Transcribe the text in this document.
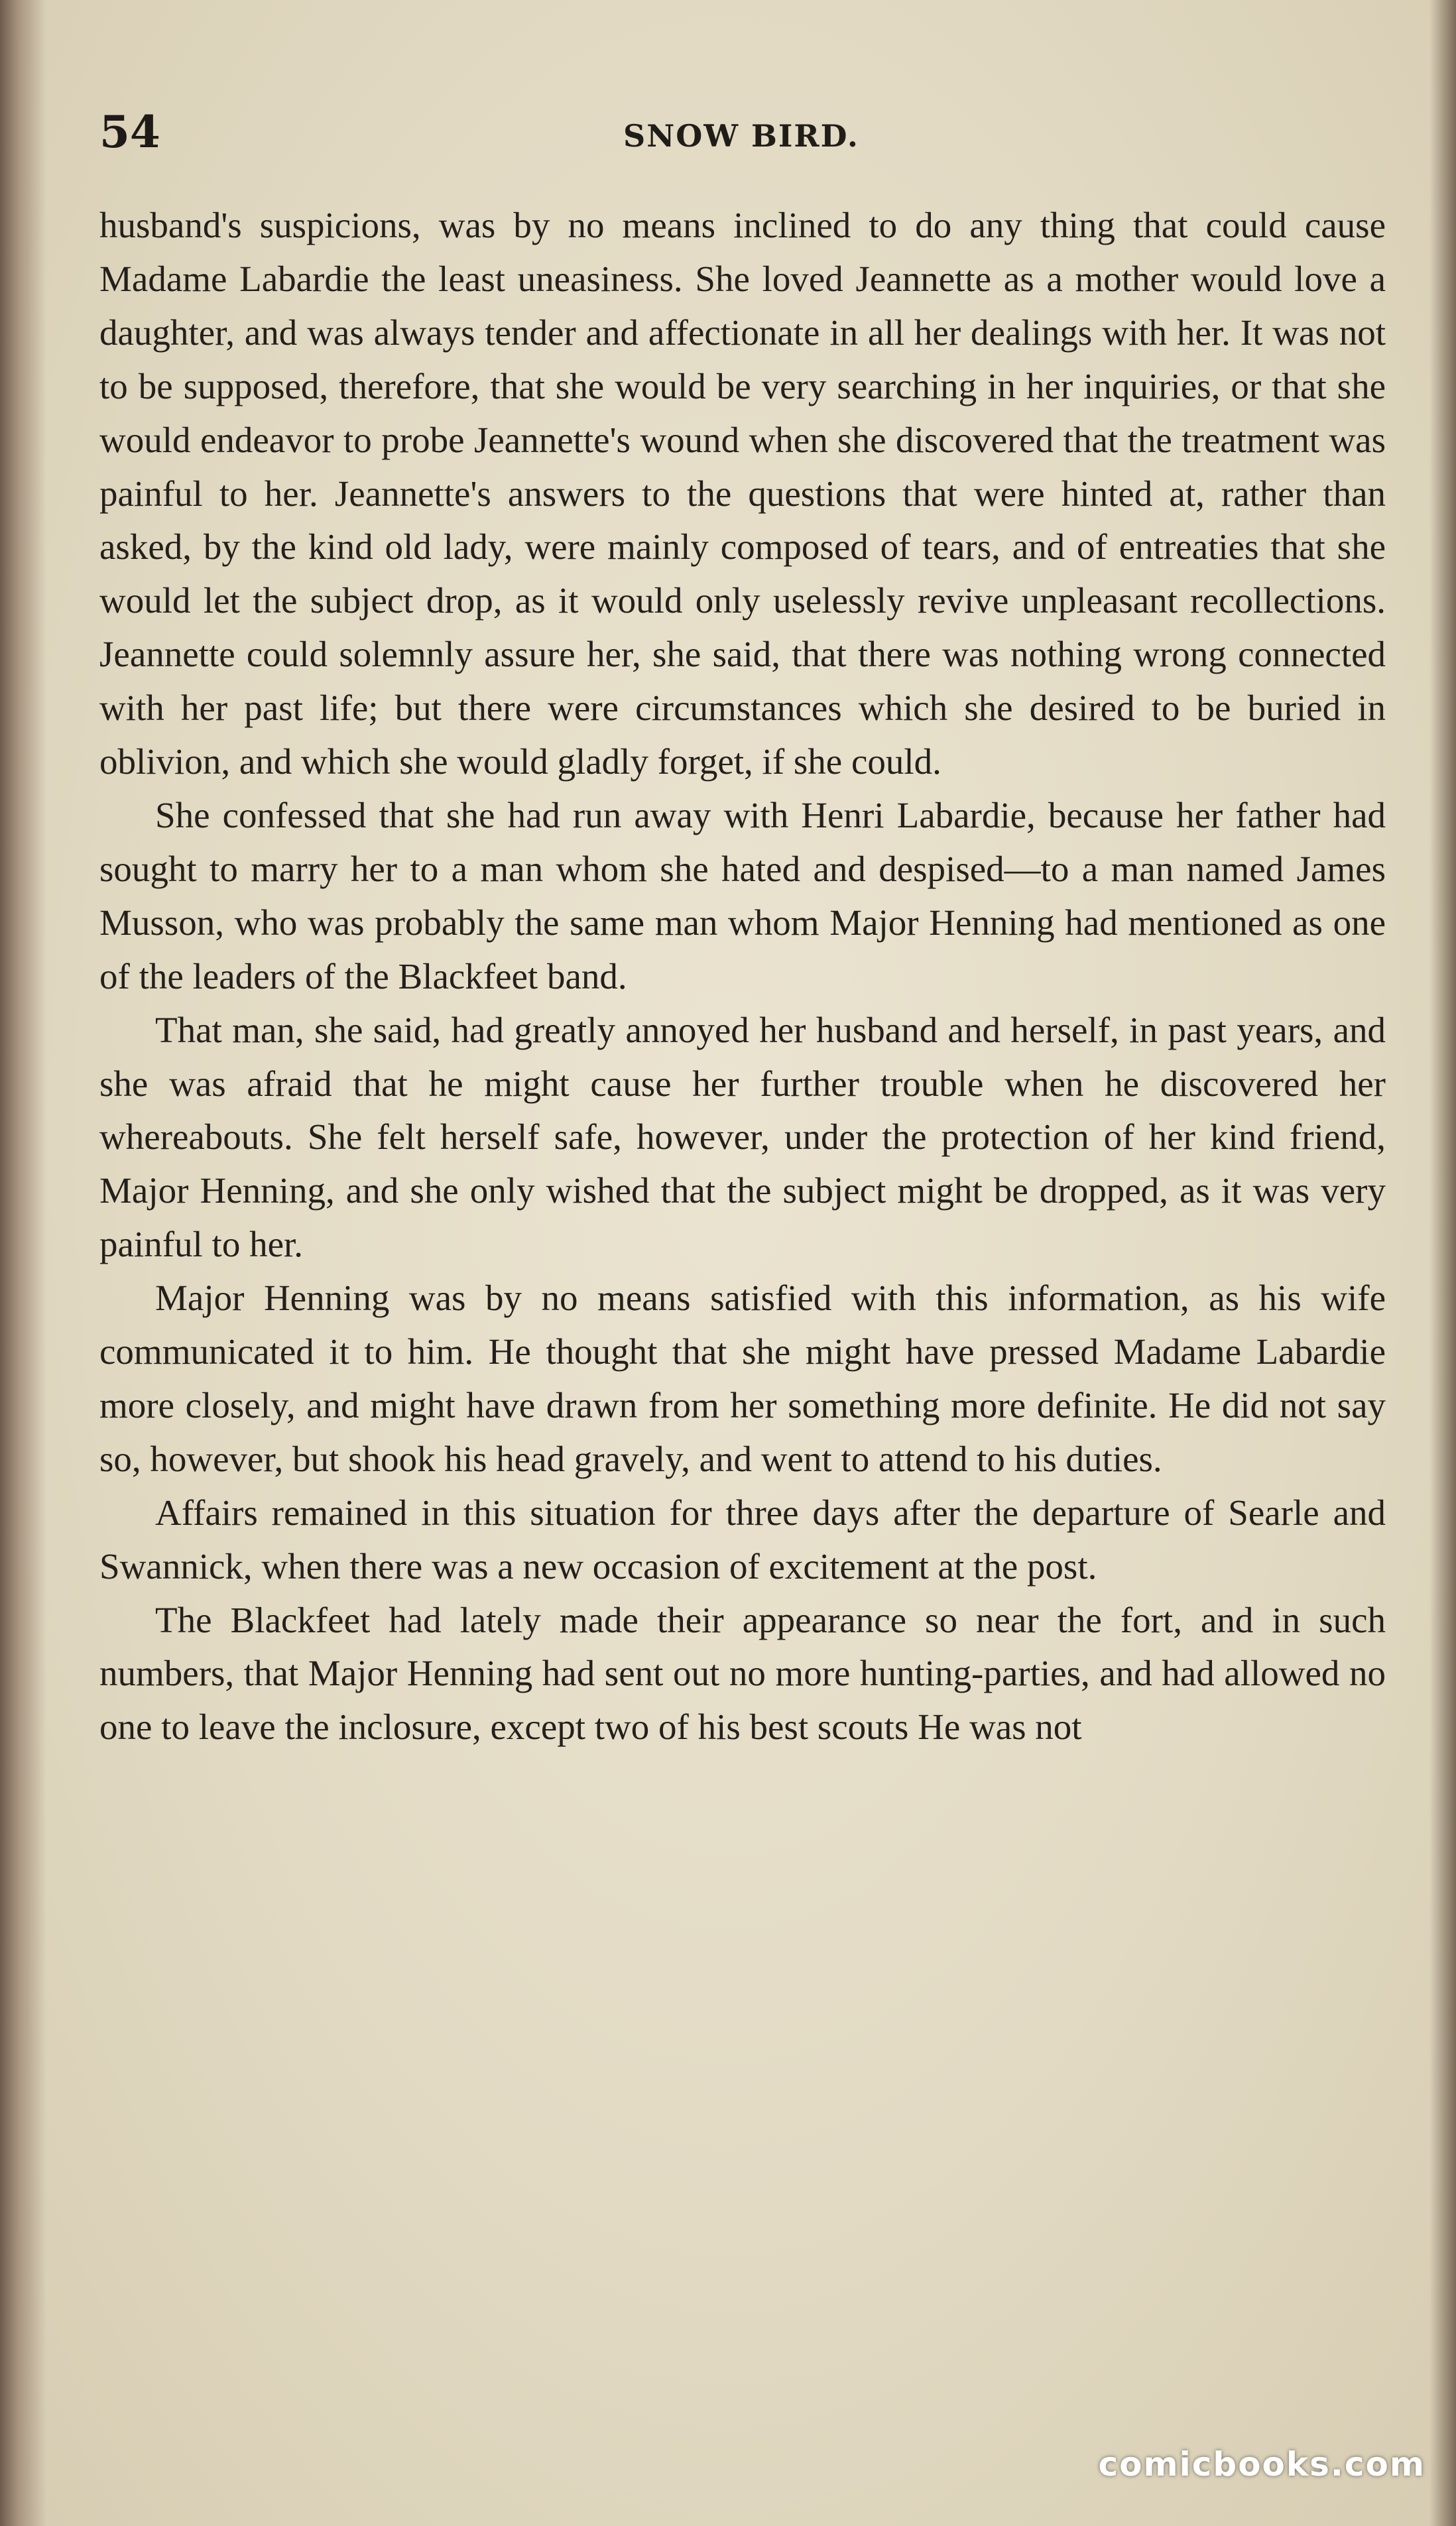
54	SNOW BIRD.

husband's suspicions, was by no means inclined to do any thing that could cause Madame Labardie the least uneasiness. She loved Jeannette as a mother would love a daughter, and was always tender and affectionate in all her dealings with her. It was not to be supposed, therefore, that she would be very searching in her inquiries, or that she would endeavor to probe Jeannette's wound when she discovered that the treatment was painful to her. Jeannette's answers to the questions that were hinted at, rather than asked, by the kind old lady, were mainly composed of tears, and of entreaties that she would let the subject drop, as it would only uselessly revive unpleasant recollections. Jeannette could solemnly assure her, she said, that there was nothing wrong connected with her past life; but there were circumstances which she desired to be buried in oblivion, and which she would gladly forget, if she could.

She confessed that she had run away with Henri Labardie, because her father had sought to marry her to a man whom she hated and despised—to a man named James Musson, who was probably the same man whom Major Henning had mentioned as one of the leaders of the Blackfeet band.

That man, she said, had greatly annoyed her husband and herself, in past years, and she was afraid that he might cause her further trouble when he discovered her whereabouts. She felt herself safe, however, under the protection of her kind friend, Major Henning, and she only wished that the subject might be dropped, as it was very painful to her.

Major Henning was by no means satisfied with this information, as his wife communicated it to him. He thought that she might have pressed Madame Labardie more closely, and might have drawn from her something more definite. He did not say so, however, but shook his head gravely, and went to attend to his duties.

Affairs remained in this situation for three days after the departure of Searle and Swannick, when there was a new occasion of excitement at the post.

The Blackfeet had lately made their appearance so near the fort, and in such numbers, that Major Henning had sent out no more hunting-parties, and had allowed no one to leave the inclosure, except two of his best scouts He was not

comicbooks.com
